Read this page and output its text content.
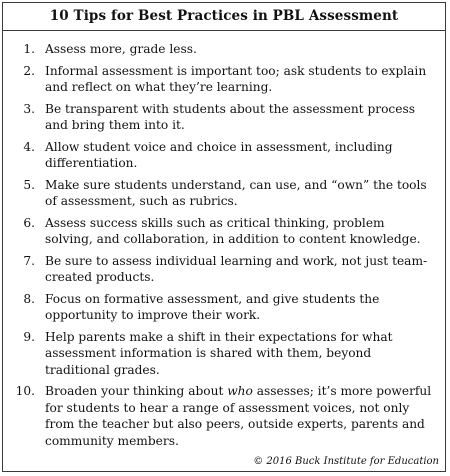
10 Tips for Best Practices in PBL Assessment
1. Assess more, grade less.
2. Informal assessment is important too; ask students to explain and reflect on what they’re learning.
3. Be transparent with students about the assessment process and bring them into it.
4. Allow student voice and choice in assessment, including differentiation.
5. Make sure students understand, can use, and “own” the tools of assessment, such as rubrics.
6. Assess success skills such as critical thinking, problem solving, and collaboration, in addition to content knowledge.
7. Be sure to assess individual learning and work, not just team-created products.
8. Focus on formative assessment, and give students the opportunity to improve their work.
9. Help parents make a shift in their expectations for what assessment information is shared with them, beyond traditional grades.
10. Broaden your thinking about who assesses; it’s more powerful for students to hear a range of assessment voices, not only from the teacher but also peers, outside experts, parents and community members.
© 2016 Buck Institute for Education
